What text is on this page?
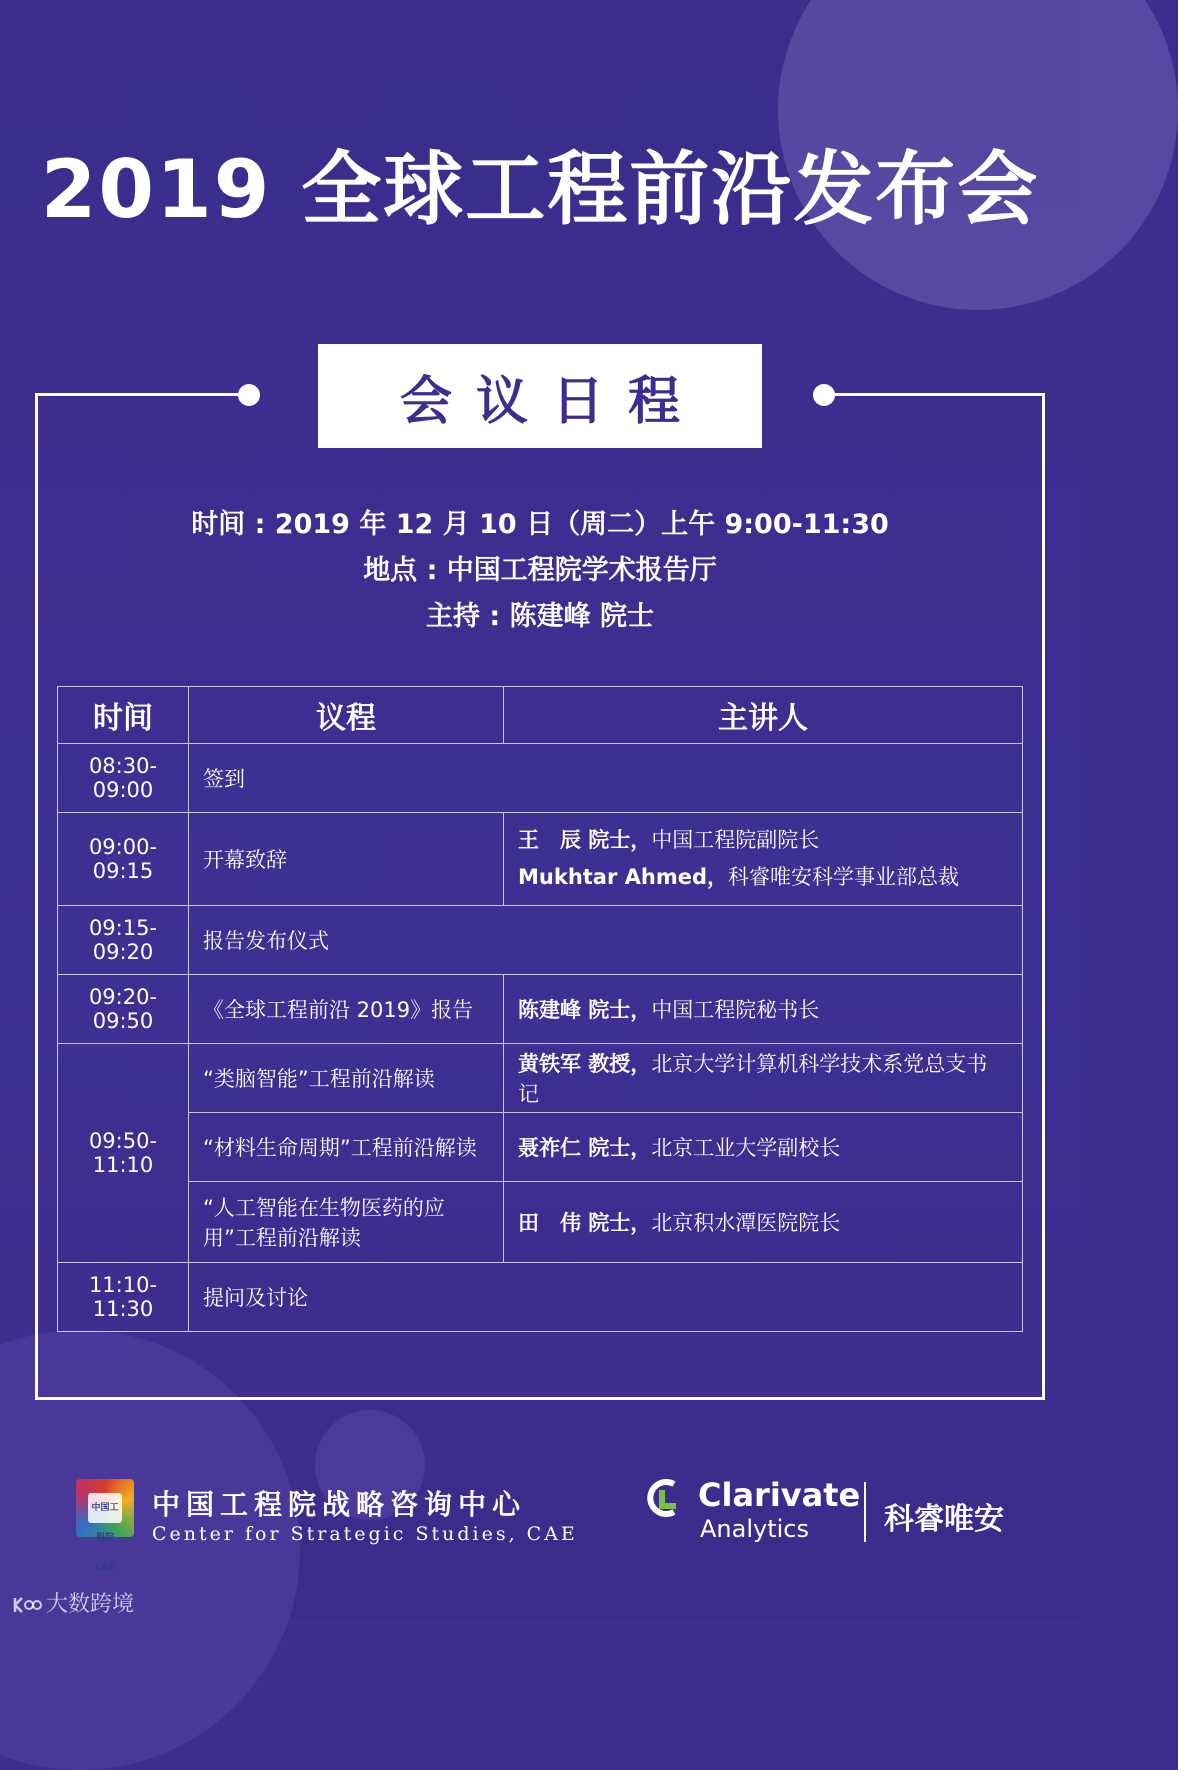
2019 全球工程前沿发布会
会议日程
时间 : 2019 年 12 月 10 日（周二）上午 9:00-11:30
地点 : 中国工程院学术报告厅
主持 : 陈建峰 院士
时间	议程	主讲人
08:30-09:00	签到	
09:00-09:15	开幕致辞	王　辰 院士，中国工程院副院长
Mukhtar Ahmed，科睿唯安科学事业部总裁

09:15-09:20	报告发布仪式	
09:20-09:50	《全球工程前沿 2019》报告	陈建峰 院士，中国工程院秘书长
09:50-11:10	“类脑智能”工程前沿解读	黄铁军 教授，北京大学计算机科学技术系党总支书记
	“材料生命周期”工程前沿解读	聂祚仁 院士，北京工业大学副校长
	“人工智能在生物医药的应用”工程前沿解读	田　伟 院士，北京积水潭医院院长
11:10-11:30	提问及讨论	
中国工程院 CAE
中国工程院战略咨询中心
Center for Strategic Studies, CAE
Clarivate
Analytics	科睿唯安
大数跨境
